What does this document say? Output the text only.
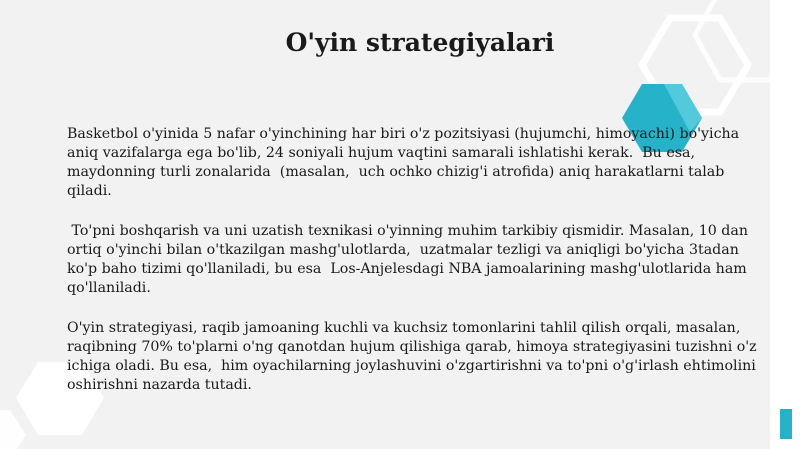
O'yin strategiyalari

Basketbol o'yinida 5 nafar o'yinchining har biri o'z pozitsiyasi (hujumchi, himoyachi) bo'yicha aniq vazifalarga ega bo'lib, 24 soniyali hujum vaqtini samarali ishlatishi kerak.  Bu esa, maydonning turli zonalarida  (masalan,  uch ochko chizig'i atrofida) aniq harakatlarni talab qiladi.

To'pni boshqarish va uni uzatish texnikasi o'yinning muhim tarkibiy qismidir. Masalan, 10 dan ortiq o'yinchi bilan o'tkazilgan mashg'ulotlarda,  uzatmalar tezligi va aniqligi bo'yicha 3tadan ko'p baho tizimi qo'llaniladi, bu esa  Los-Anjelesdagi NBA jamoalarining mashg'ulotlarida ham qo'llaniladi.

O'yin strategiyasi, raqib jamoaning kuchli va kuchsiz tomonlarini tahlil qilish orqali, masalan, raqibning 70% to'plarni o'ng qanotdan hujum qilishiga qarab, himoya strategiyasini tuzishni o'z ichiga oladi. Bu esa,  him oyachilarning joylashuvini o'zgartirishni va to'pni o'g'irlash ehtimolini oshirishni nazarda tutadi.
